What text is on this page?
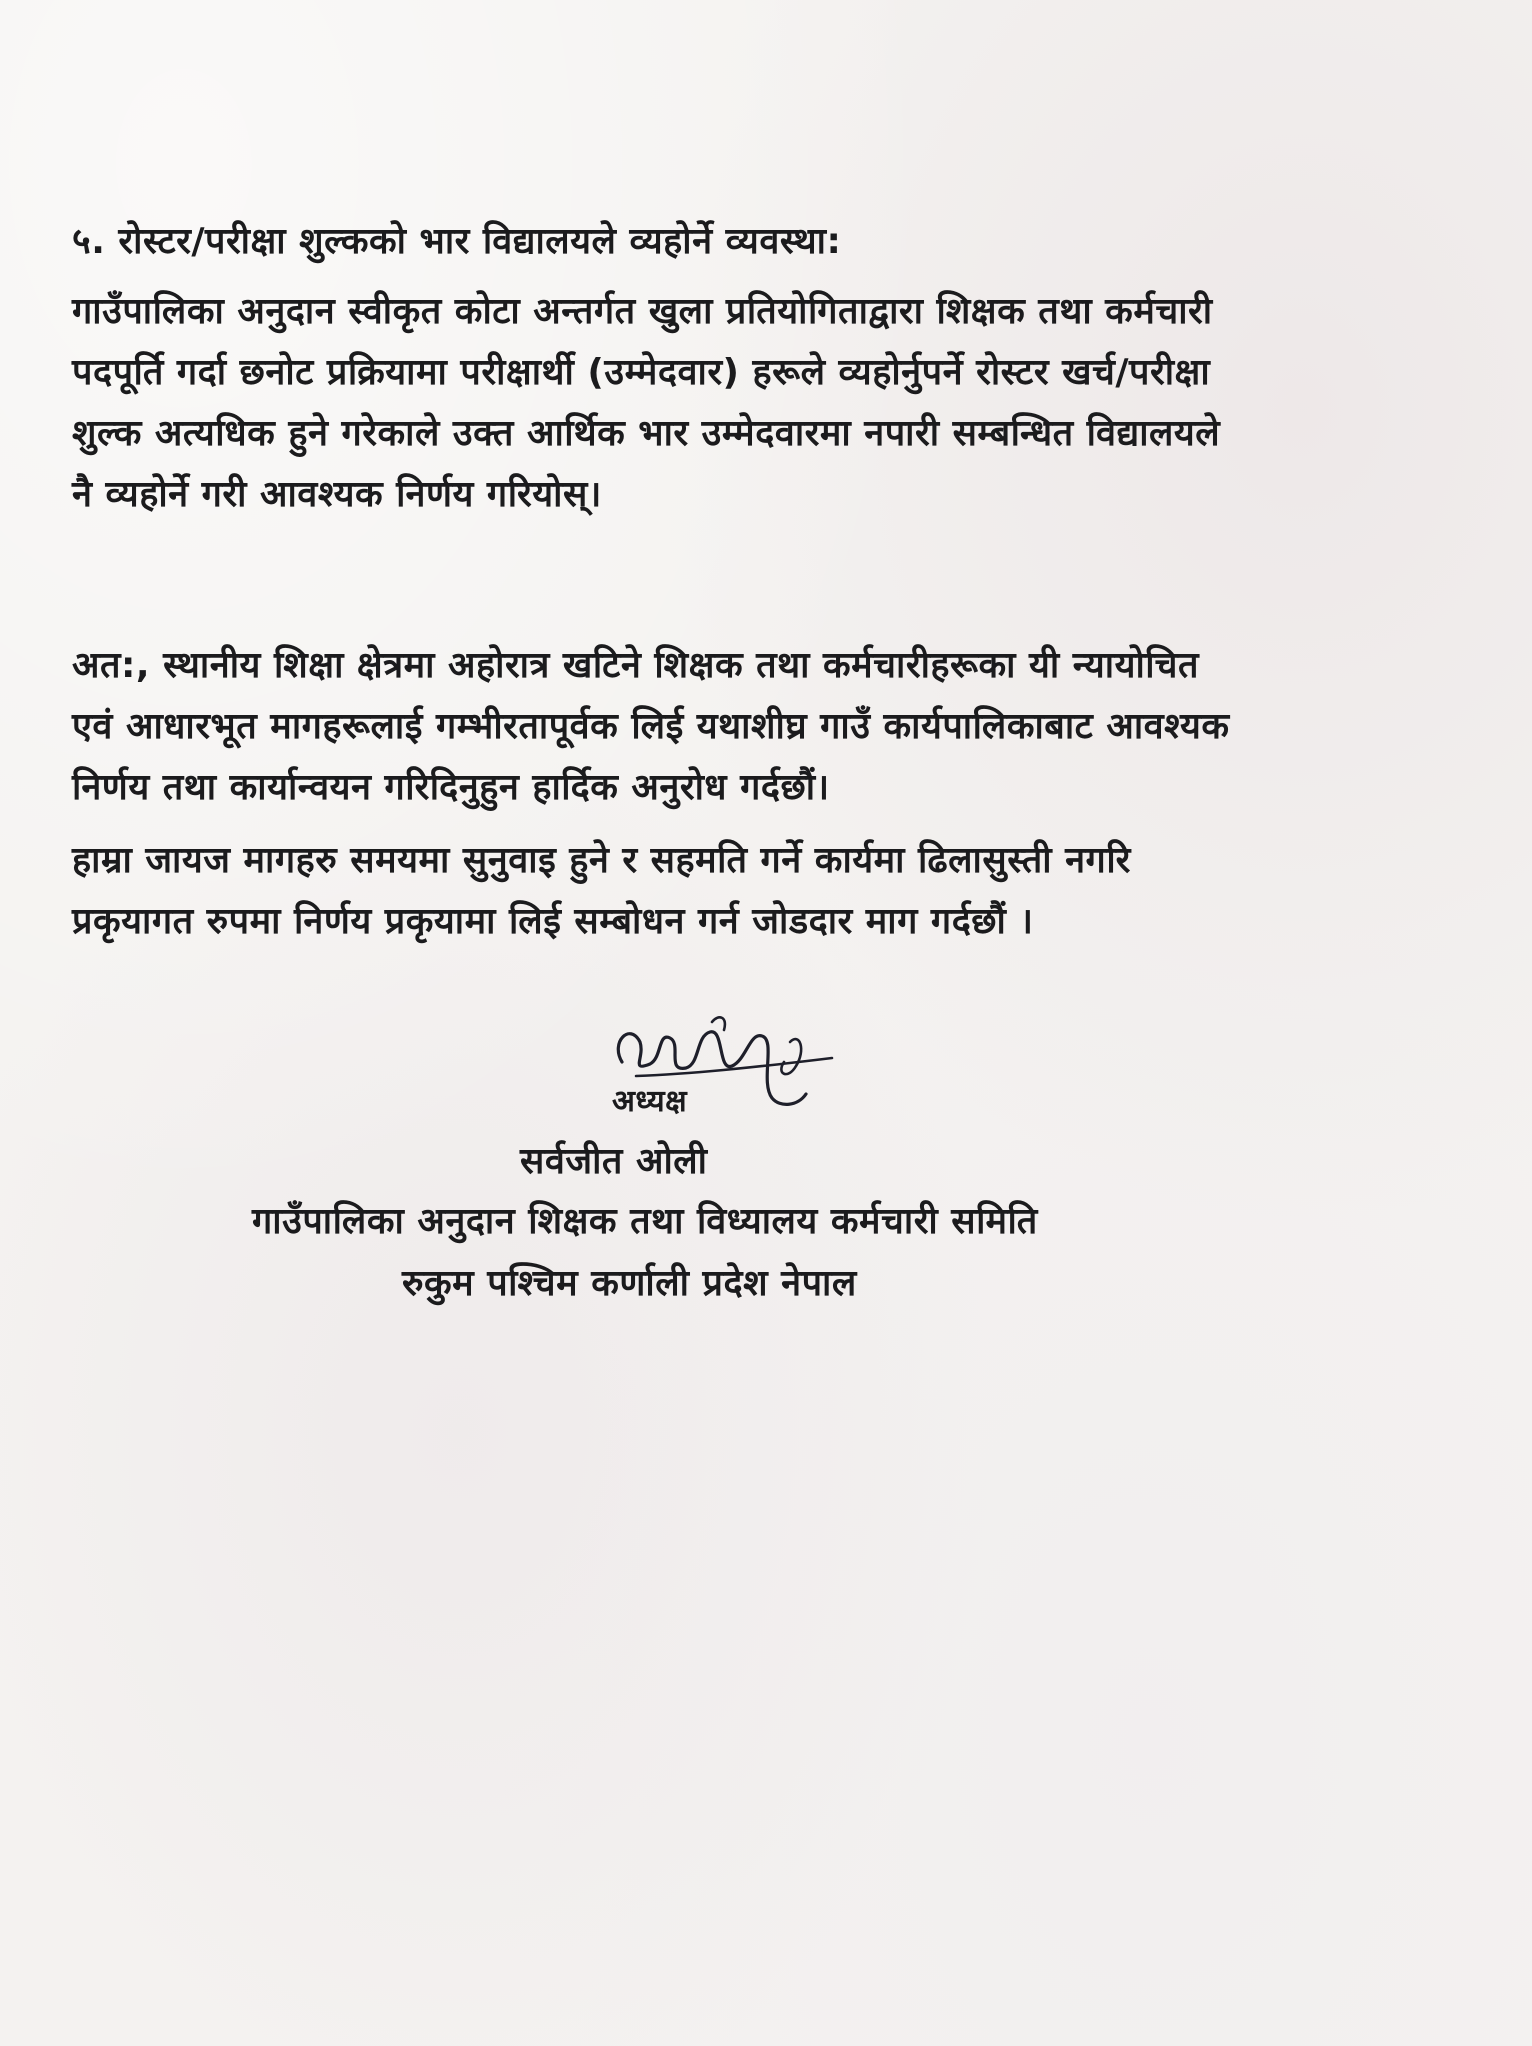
५. रोस्टर/परीक्षा शुल्कको भार विद्यालयले व्यहोर्ने व्यवस्था:
गाउँपालिका अनुदान स्वीकृत कोटा अन्तर्गत खुला प्रतियोगिताद्वारा शिक्षक तथा कर्मचारी
पदपूर्ति गर्दा छनोट प्रक्रियामा परीक्षार्थी (उम्मेदवार) हरूले व्यहोर्नुपर्ने रोस्टर खर्च/परीक्षा
शुल्क अत्यधिक हुने गरेकाले उक्त आर्थिक भार उम्मेदवारमा नपारी सम्बन्धित विद्यालयले
नै व्यहोर्ने गरी आवश्यक निर्णय गरियोस्।
अत:, स्थानीय शिक्षा क्षेत्रमा अहोरात्र खटिने शिक्षक तथा कर्मचारीहरूका यी न्यायोचित
एवं आधारभूत मागहरूलाई गम्भीरतापूर्वक लिई यथाशीघ्र गाउँ कार्यपालिकाबाट आवश्यक
निर्णय तथा कार्यान्वयन गरिदिनुहुन हार्दिक अनुरोध गर्दछौं।
हाम्रा जायज मागहरु समयमा सुनुवाइ हुने र सहमति गर्ने कार्यमा ढिलासुस्ती नगरि
प्रकृयागत रुपमा निर्णय प्रकृयामा लिई सम्बोधन गर्न जोडदार माग गर्दछौं ।
अध्यक्ष
सर्वजीत ओली
गाउँपालिका अनुदान शिक्षक तथा विध्यालय कर्मचारी समिति
रुकुम पश्चिम कर्णाली प्रदेश नेपाल
